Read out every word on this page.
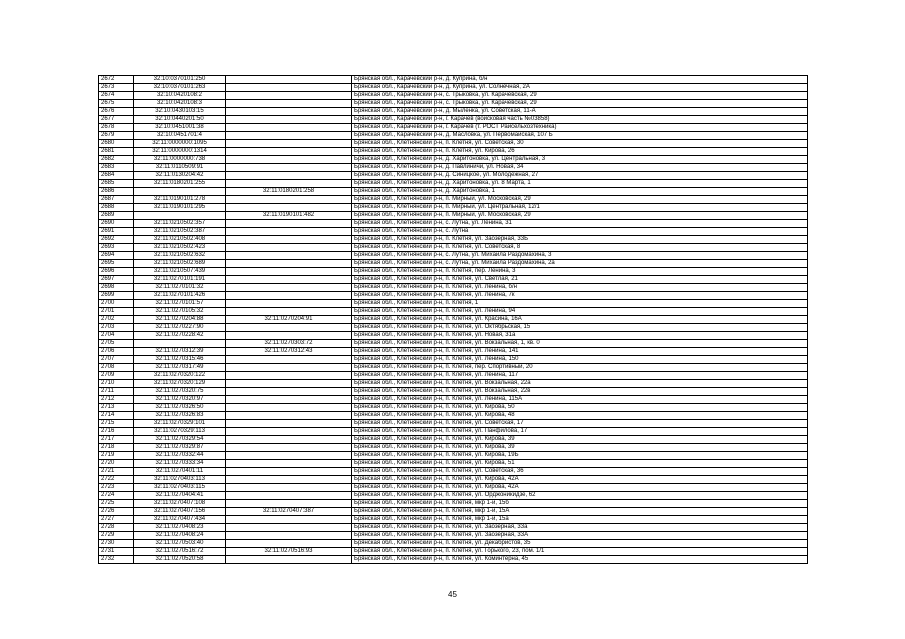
2672	32:10:0370101:250		Брянская обл., Карачевский р-н, д. Куприна, б/н
2673	32:10:0370101:263		Брянская обл., Карачевский р-н, д. Куприна, ул. Солнечная, 2А
2674	32:10:0420108:2		Брянская обл., Карачевский р-н, с. Трыковка, ул. Карачевская, 29
2675	32:10:0420108:3		Брянская обл., Карачевский р-н, с. Трыковка, ул. Карачевская, 29
2676	32:10:0430103:15		Брянская обл., Карачевский р-н, д. Мыленка, ул. Советская, 11-А
2677	32:10:0440201:50		Брянская обл., Карачевский р-н, г. Карачев (войсковая часть №03858)
2678	32:10:0451001:38		Брянская обл., Карачевский р-н, г. Карачев (т. РОСТ Райсельхозтехника)
2679	32:10:0451701:4		Брянская обл., Карачевский р-н, д. Масловка, ул. Первомайская, 107 Б
2680	32:11:0000000:1095		Брянская обл., Клетнянский р-н, п. Клетня, ул. Советская, 30
2681	32:11:0000000:1314		Брянская обл., Клетнянский р-н, п. Клетня, ул. Кирова, 26
2682	32:11:0000000:738		Брянская обл., Клетнянский р-н, д. Харитоновка, ул. Центральная, 3
2683	32:11:0110509:91		Брянская обл., Клетнянский р-н, д. Павлиничи, ул. Новая, 34
2684	32:11:0130204:42		Брянская обл., Клетнянский р-н, д. Синицкое, ул. Молодежная, 27
2685	32:11:0180201:255		Брянская обл., Клетнянский р-н, д. Харитоновка, ул. 8 Марта, 1
2686		32:11:0180201:258	Брянская обл., Клетнянский р-н, д. Харитоновка, 1
2687	32:11:0190101:278		Брянская обл., Клетнянский р-н, п. Мирный, ул. Московская, 29
2688	32:11:0190101:295		Брянская обл., Клетнянский р-н, п. Мирный, ул. Центральная, 12/1
2689		32:11:0190101:482	Брянская обл., Клетнянский р-н, п. Мирный, ул. Московская, 29
2690	32:11:0210502:357		Брянская обл., Клетнянский р-н, с. Лутна, ул. Ленина, 31
2691	32:11:0210502:387		Брянская обл., Клетнянский р-н, с. Лутна
2692	32:11:0210502:408		Брянская обл., Клетнянский р-н, п. Клетня, ул. Заозерная, 33Б
2693	32:11:0210502:423		Брянская обл., Клетнянский р-н, п. Клетня, ул. Советская, 8
2694	32:11:0210502:632		Брянская обл., Клетнянский р-н, с. Лутна, ул. Михаила Раздомахина, 3
2695	32:11:0210502:689		Брянская обл., Клетнянский р-н, с. Лутна, ул. Михаила Раздомахина, 2а
2696	32:11:0210507:439		Брянская обл., Клетнянский р-н, п. Клетня, пер. Ленина, 3
2697	32:11:0270101:191		Брянская обл., Клетнянский р-н, п. Клетня, ул. Светлая, 21
2698	32:11:0270101:32		Брянская обл., Клетнянский р-н, п. Клетня, ул. Ленина, б/н
2699	32:11:0270101:426		Брянская обл., Клетнянский р-н, п. Клетня, ул. Ленина, 7к
2700	32:11:0270101:57		Брянская обл., Клетнянский р-н, п. Клетня, 1
2701	32:11:0270105:32		Брянская обл., Клетнянский р-н, п. Клетня, ул. Ленина, 94
2702	32:11:0270204:88	32:11:0270204:91	Брянская обл., Клетнянский р-н, п. Клетня, ул. Красина, 16А
2703	32:11:0270227:90		Брянская обл., Клетнянский р-н, п. Клетня, ул. Октябрьская, 15
2704	32:11:0270228:42		Брянская обл., Клетнянский р-н, п. Клетня, ул. Новая, 31а
2705		32:11:0270303:72	Брянская обл., Клетнянский р-н, п. Клетня, ул. Вокзальная, 1, кв. 0
2706	32:11:0270312:39	32:11:0270312:43	Брянская обл., Клетнянский р-н, п. Клетня, ул. Ленина, 141
2707	32:11:0270315:46		Брянская обл., Клетнянский р-н, п. Клетня, ул. Ленина, 150
2708	32:11:0270317:49		Брянская обл., Клетнянский р-н, п. Клетня, пер. Спортивный, 20
2709	32:11:0270320:122		Брянская обл., Клетнянский р-н, п. Клетня, ул. Ленина, 117
2710	32:11:0270320:129		Брянская обл., Клетнянский р-н, п. Клетня, ул. Вокзальная, 22а
2711	32:11:0270320:75		Брянская обл., Клетнянский р-н, п. Клетня, ул. Вокзальная, 22в
2712	32:11:0270320:97		Брянская обл., Клетнянский р-н, п. Клетня, ул. Ленина, 115А
2713	32:11:0270326:50		Брянская обл., Клетнянский р-н, п. Клетня, ул. Кирова, 50
2714	32:11:0270326:83		Брянская обл., Клетнянский р-н, п. Клетня, ул. Кирова, 48
2715	32:11:0270329:101		Брянская обл., Клетнянский р-н, п. Клетня, ул. Советская, 17
2716	32:11:0270329:113		Брянская обл., Клетнянский р-н, п. Клетня, ул. Панфилова, 17
2717	32:11:0270329:54		Брянская обл., Клетнянский р-н, п. Клетня, ул. Кирова, 39
2718	32:11:0270329:87		Брянская обл., Клетнянский р-н, п. Клетня, ул. Кирова, 39
2719	32:11:0270332:44		Брянская обл., Клетнянский р-н, п. Клетня, ул. Кирова, 19Б
2720	32:11:0270333:34		Брянская обл., Клетнянский р-н, п. Клетня, ул. Кирова, 51
2721	32:11:0270401:11		Брянская обл., Клетнянский р-н, п. Клетня, ул. Советская, 36
2722	32:11:0270403:113		Брянская обл., Клетнянский р-н, п. Клетня, ул. Кирова, 42А
2723	32:11:0270403:115		Брянская обл., Клетнянский р-н, п. Клетня, ул. Кирова, 42А
2724	32:11:0270404:41		Брянская обл., Клетнянский р-н, п. Клетня, ул. Орджоникидзе, 62
2725	32:11:0270407:108		Брянская обл., Клетнянский р-н, п. Клетня, мкр 1-й, 15б
2726	32:11:0270407:156	32:11:0270407:387	Брянская обл., Клетнянский р-н, п. Клетня, мкр 1-й, 15А
2727	32:11:0270407:434		Брянская обл., Клетнянский р-н, п. Клетня, мкр 1-й, 15а
2728	32:11:0270408:23		Брянская обл., Клетнянский р-н, п. Клетня, ул. Заозерная, 33а
2729	32:11:0270408:24		Брянская обл., Клетнянский р-н, п. Клетня, ул. Заозерная, 33А
2730	32:11:0270503:40		Брянская обл., Клетнянский р-н, п. Клетня, ул. Декабристов, 35
2731	32:11:0270516:72	32:11:0270516:93	Брянская обл., Клетнянский р-н, п. Клетня, ул. Горького, 23, пом. 1/1
2732	32:11:0270520:58		Брянская обл., Клетнянский р-н, п. Клетня, ул. Коминтерна, 45
45
